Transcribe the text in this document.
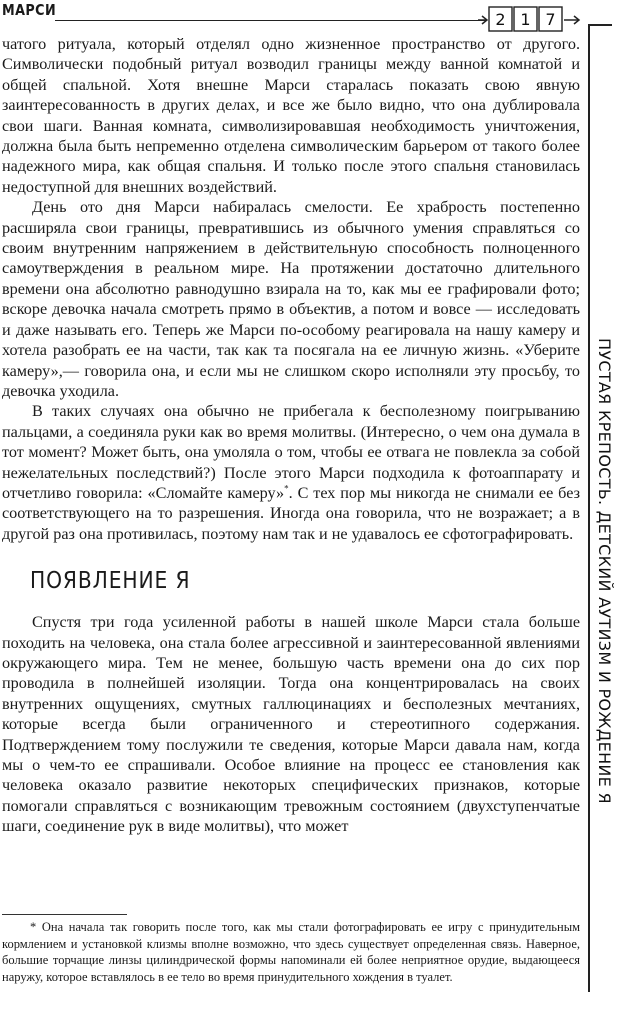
МАРСИ	2 1 7
ПУСТАЯ КРЕПОСТЬ. ДЕТСКИЙ АУТИЗМ И РОЖДЕНИЕ Я

чатого ритуала, который отделял одно жизненное пространство от другого. Символически подобный ритуал возводил границы между ванной комнатой и общей спальной. Хотя внешне Марси старалась показать свою явную заинтересованность в других делах, и все же было видно, что она дублировала свои шаги. Ванная комната, символизировавшая необходимость уничтожения, должна была быть непременно отделена символическим барьером от такого более надежного мира, как общая спальня. И только после этого спальня становилась недоступной для внешних воздействий.

День ото дня Марси набиралась смелости. Ее храбрость постепенно расширяла свои границы, превратившись из обычного умения справляться со своим внутренним напряжением в действительную способность полноценного самоутверждения в реальном мире. На протяжении достаточно длительного времени она абсолютно равнодушно взирала на то, как мы ее графировали фото; вскоре девочка начала смотреть прямо в объектив, а потом и вовсе — исследовать и даже называть его. Теперь же Марси по-особому реагировала на нашу камеру и хотела разобрать ее на части, так как та посягала на ее личную жизнь. «Уберите камеру»,— говорила она, и если мы не слишком скоро исполняли эту просьбу, то девочка уходила.

В таких случаях она обычно не прибегала к бесполезному поигрыванию пальцами, а соединяла руки как во время молитвы. (Интересно, о чем она думала в тот момент? Может быть, она умоляла о том, чтобы ее отвага не повлекла за собой нежелательных последствий?) После этого Марси подходила к фотоаппарату и отчетливо говорила: «Сломайте камеру»*. С тех пор мы никогда не снимали ее без соответствующего на то разрешения. Иногда она говорила, что не возражает; а в другой раз она противилась, поэтому нам так и не удавалось ее сфотографировать.

ПОЯВЛЕНИЕ Я

Спустя три года усиленной работы в нашей школе Марси стала больше походить на человека, она стала более агрессивной и заинтересованной явлениями окружающего мира. Тем не менее, большую часть времени она до сих пор проводила в полнейшей изоляции. Тогда она концентрировалась на своих внутренних ощущениях, смутных галлюцинациях и бесполезных мечтаниях, которые всегда были ограниченного и стереотипного содержания. Подтверждением тому послужили те сведения, которые Марси давала нам, когда мы о чем-то ее спрашивали. Особое влияние на процесс ее становления как человека оказало развитие некоторых специфических признаков, которые помогали справляться с возникающим тревожным состоянием (двухступенчатые шаги, соединение рук в виде молитвы), что может

* Она начала так говорить после того, как мы стали фотографировать ее игру с принудительным кормлением и установкой клизмы вполне возможно, что здесь существует определенная связь. Наверное, большие торчащие линзы цилиндрической формы напоминали ей более неприятное орудие, выдающееся наружу, которое вставлялось в ее тело во время принудительного хождения в туалет.
